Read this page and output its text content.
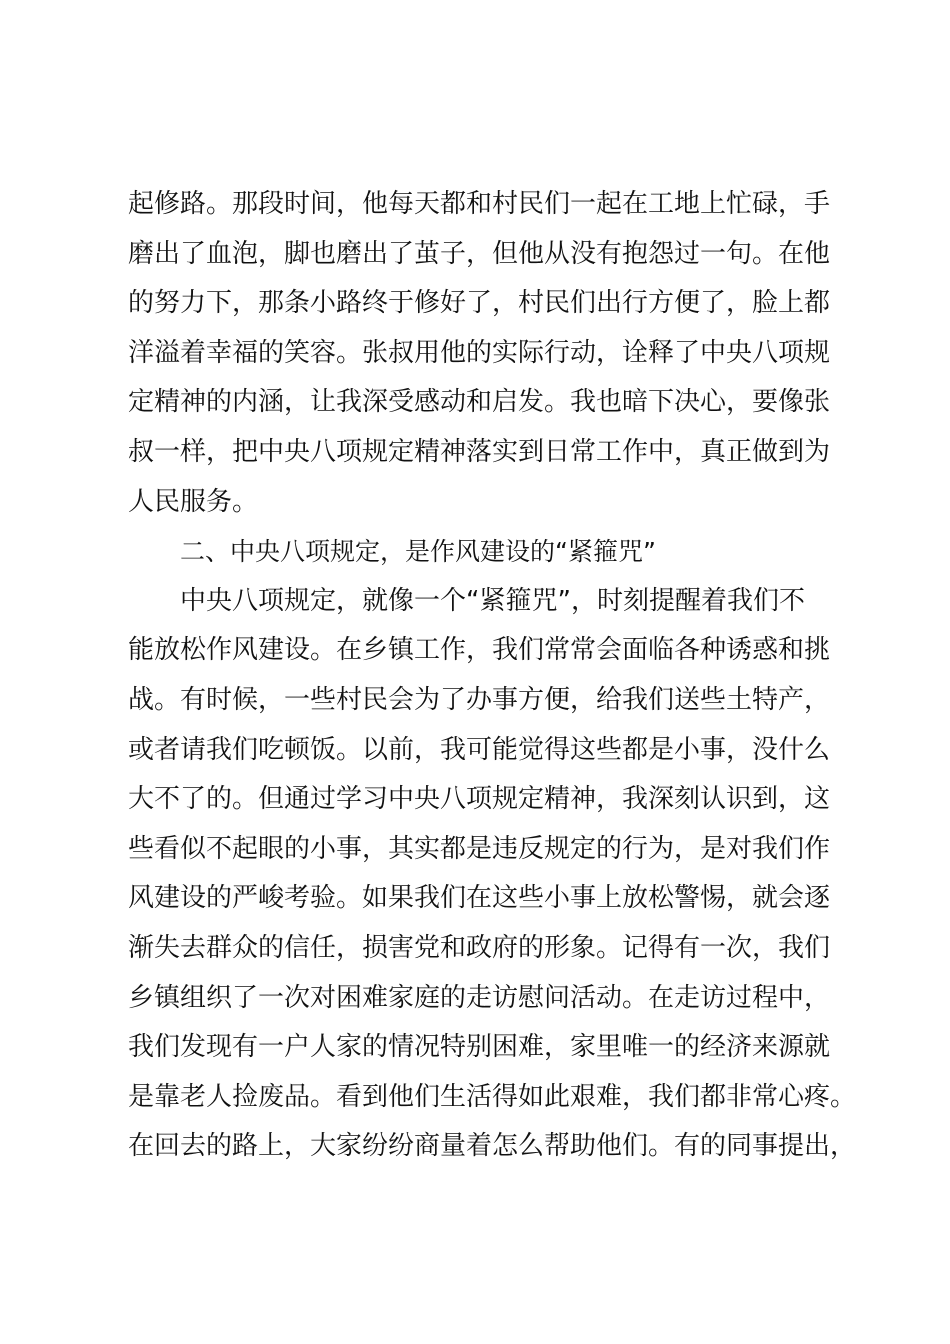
起修路。那段时间，他每天都和村民们一起在工地上忙碌，手
磨出了血泡，脚也磨出了茧子，但他从没有抱怨过一句。在他
的努力下，那条小路终于修好了，村民们出行方便了，脸上都
洋溢着幸福的笑容。张叔用他的实际行动，诠释了中央八项规
定精神的内涵，让我深受感动和启发。我也暗下决心，要像张
叔一样，把中央八项规定精神落实到日常工作中，真正做到为
人民服务。
二、中央八项规定，是作风建设的“紧箍咒”
中央八项规定，就像一个“紧箍咒”，时刻提醒着我们不
能放松作风建设。在乡镇工作，我们常常会面临各种诱惑和挑
战。有时候，一些村民会为了办事方便，给我们送些土特产，
或者请我们吃顿饭。以前，我可能觉得这些都是小事，没什么
大不了的。但通过学习中央八项规定精神，我深刻认识到，这
些看似不起眼的小事，其实都是违反规定的行为，是对我们作
风建设的严峻考验。如果我们在这些小事上放松警惕，就会逐
渐失去群众的信任，损害党和政府的形象。记得有一次，我们
乡镇组织了一次对困难家庭的走访慰问活动。在走访过程中，
我们发现有一户人家的情况特别困难，家里唯一的经济来源就
是靠老人捡废品。看到他们生活得如此艰难，我们都非常心疼。
在回去的路上，大家纷纷商量着怎么帮助他们。有的同事提出，
